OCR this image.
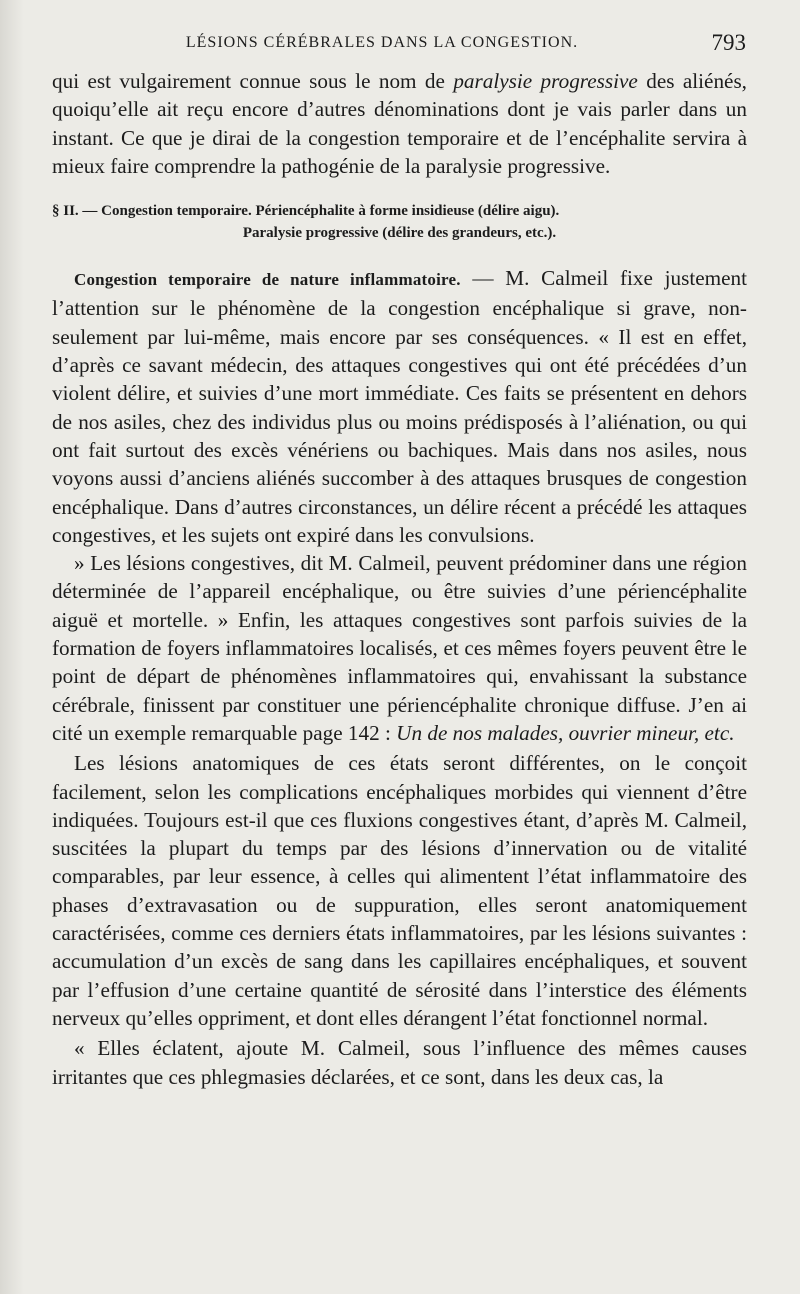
LÉSIONS CÉRÉBRALES DANS LA CONGESTION.	793

qui est vulgairement connue sous le nom de paralysie progressive des aliénés, quoiqu’elle ait reçu encore d’autres dénominations dont je vais parler dans un instant. Ce que je dirai de la congestion temporaire et de l’encéphalite servira à mieux faire comprendre la pathogénie de la paralysie progressive.

§ II. — Congestion temporaire. Périencéphalite à forme insidieuse (délire aigu).
Paralysie progressive (délire des grandeurs, etc.).

Congestion temporaire de nature inflammatoire. — M. Calmeil fixe justement l’attention sur le phénomène de la congestion encéphalique si grave, non-seulement par lui-même, mais encore par ses conséquences. « Il est en effet, d’après ce savant médecin, des attaques congestives qui ont été précédées d’un violent délire, et suivies d’une mort immédiate. Ces faits se présentent en dehors de nos asiles, chez des individus plus ou moins prédisposés à l’aliénation, ou qui ont fait surtout des excès vénériens ou bachiques. Mais dans nos asiles, nous voyons aussi d’anciens aliénés succomber à des attaques brusques de congestion encéphalique. Dans d’autres circonstances, un délire récent a précédé les attaques congestives, et les sujets ont expiré dans les convulsions.

» Les lésions congestives, dit M. Calmeil, peuvent prédominer dans une région déterminée de l’appareil encéphalique, ou être suivies d’une périencéphalite aiguë et mortelle. » Enfin, les attaques congestives sont parfois suivies de la formation de foyers inflammatoires localisés, et ces mêmes foyers peuvent être le point de départ de phénomènes inflammatoires qui, envahissant la substance cérébrale, finissent par constituer une périencéphalite chronique diffuse. J’en ai cité un exemple remarquable page 142 : Un de nos malades, ouvrier mineur, etc.

Les lésions anatomiques de ces états seront différentes, on le conçoit facilement, selon les complications encéphaliques morbides qui viennent d’être indiquées. Toujours est-il que ces fluxions congestives étant, d’après M. Calmeil, suscitées la plupart du temps par des lésions d’innervation ou de vitalité comparables, par leur essence, à celles qui alimentent l’état inflammatoire des phases d’extravasation ou de suppuration, elles seront anatomiquement caractérisées, comme ces derniers états inflammatoires, par les lésions suivantes : accumulation d’un excès de sang dans les capillaires encéphaliques, et souvent par l’effusion d’une certaine quantité de sérosité dans l’interstice des éléments nerveux qu’elles oppriment, et dont elles dérangent l’état fonctionnel normal.

« Elles éclatent, ajoute M. Calmeil, sous l’influence des mêmes causes irritantes que ces phlegmasies déclarées, et ce sont, dans les deux cas, la
